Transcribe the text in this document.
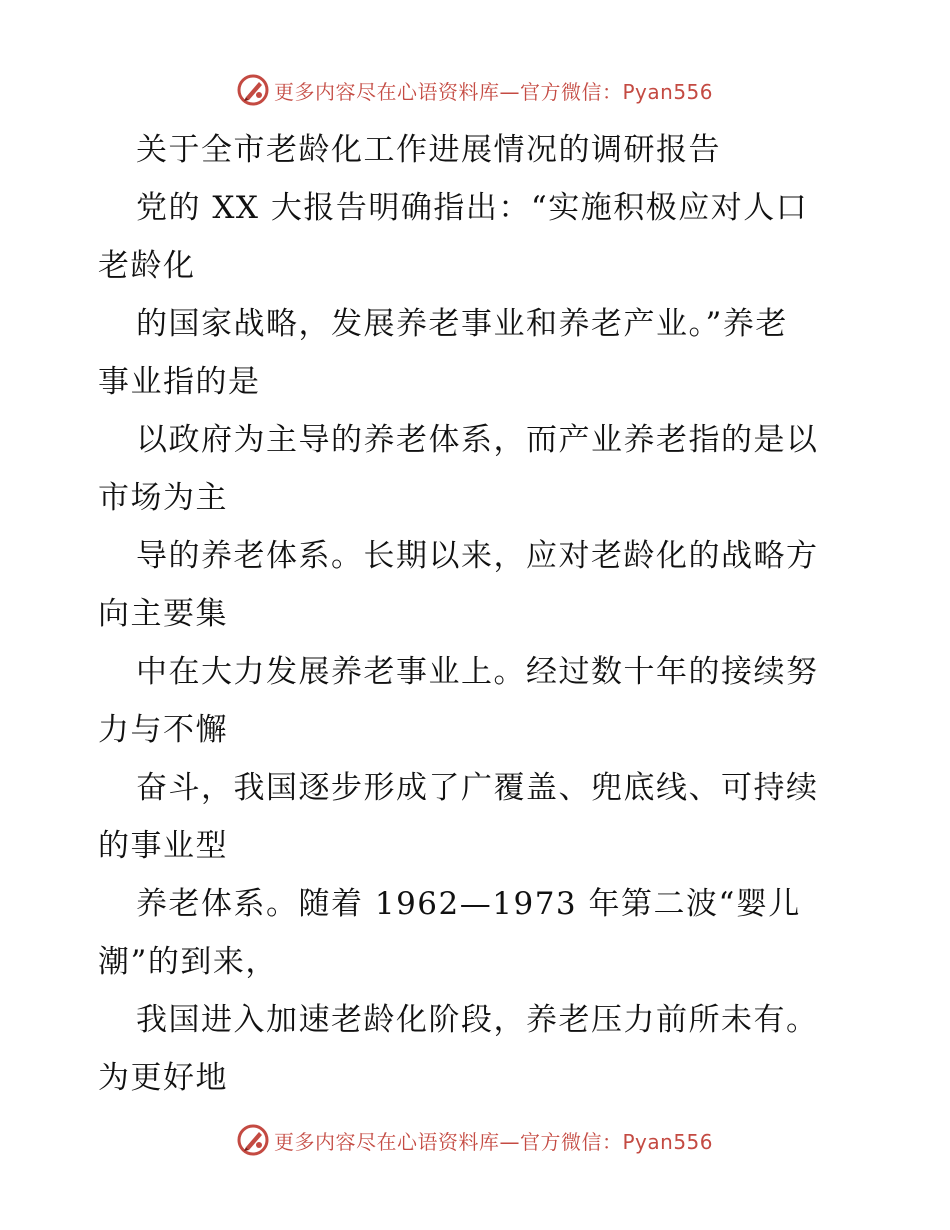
更多内容尽在心语资料库—官方微信：Pyan556
关于全市老龄化工作进展情况的调研报告
党的 XX 大报告明确指出：“实施积极应对人口
老龄化
的国家战略，发展养老事业和养老产业。”养老
事业指的是
以政府为主导的养老体系，而产业养老指的是以
市场为主
导的养老体系。长期以来，应对老龄化的战略方
向主要集
中在大力发展养老事业上。经过数十年的接续努
力与不懈
奋斗，我国逐步形成了广覆盖、兜底线、可持续
的事业型
养老体系。随着 1962—1973 年第二波“婴儿
潮”的到来，
我国进入加速老龄化阶段，养老压力前所未有。
为更好地
更多内容尽在心语资料库—官方微信：Pyan556
